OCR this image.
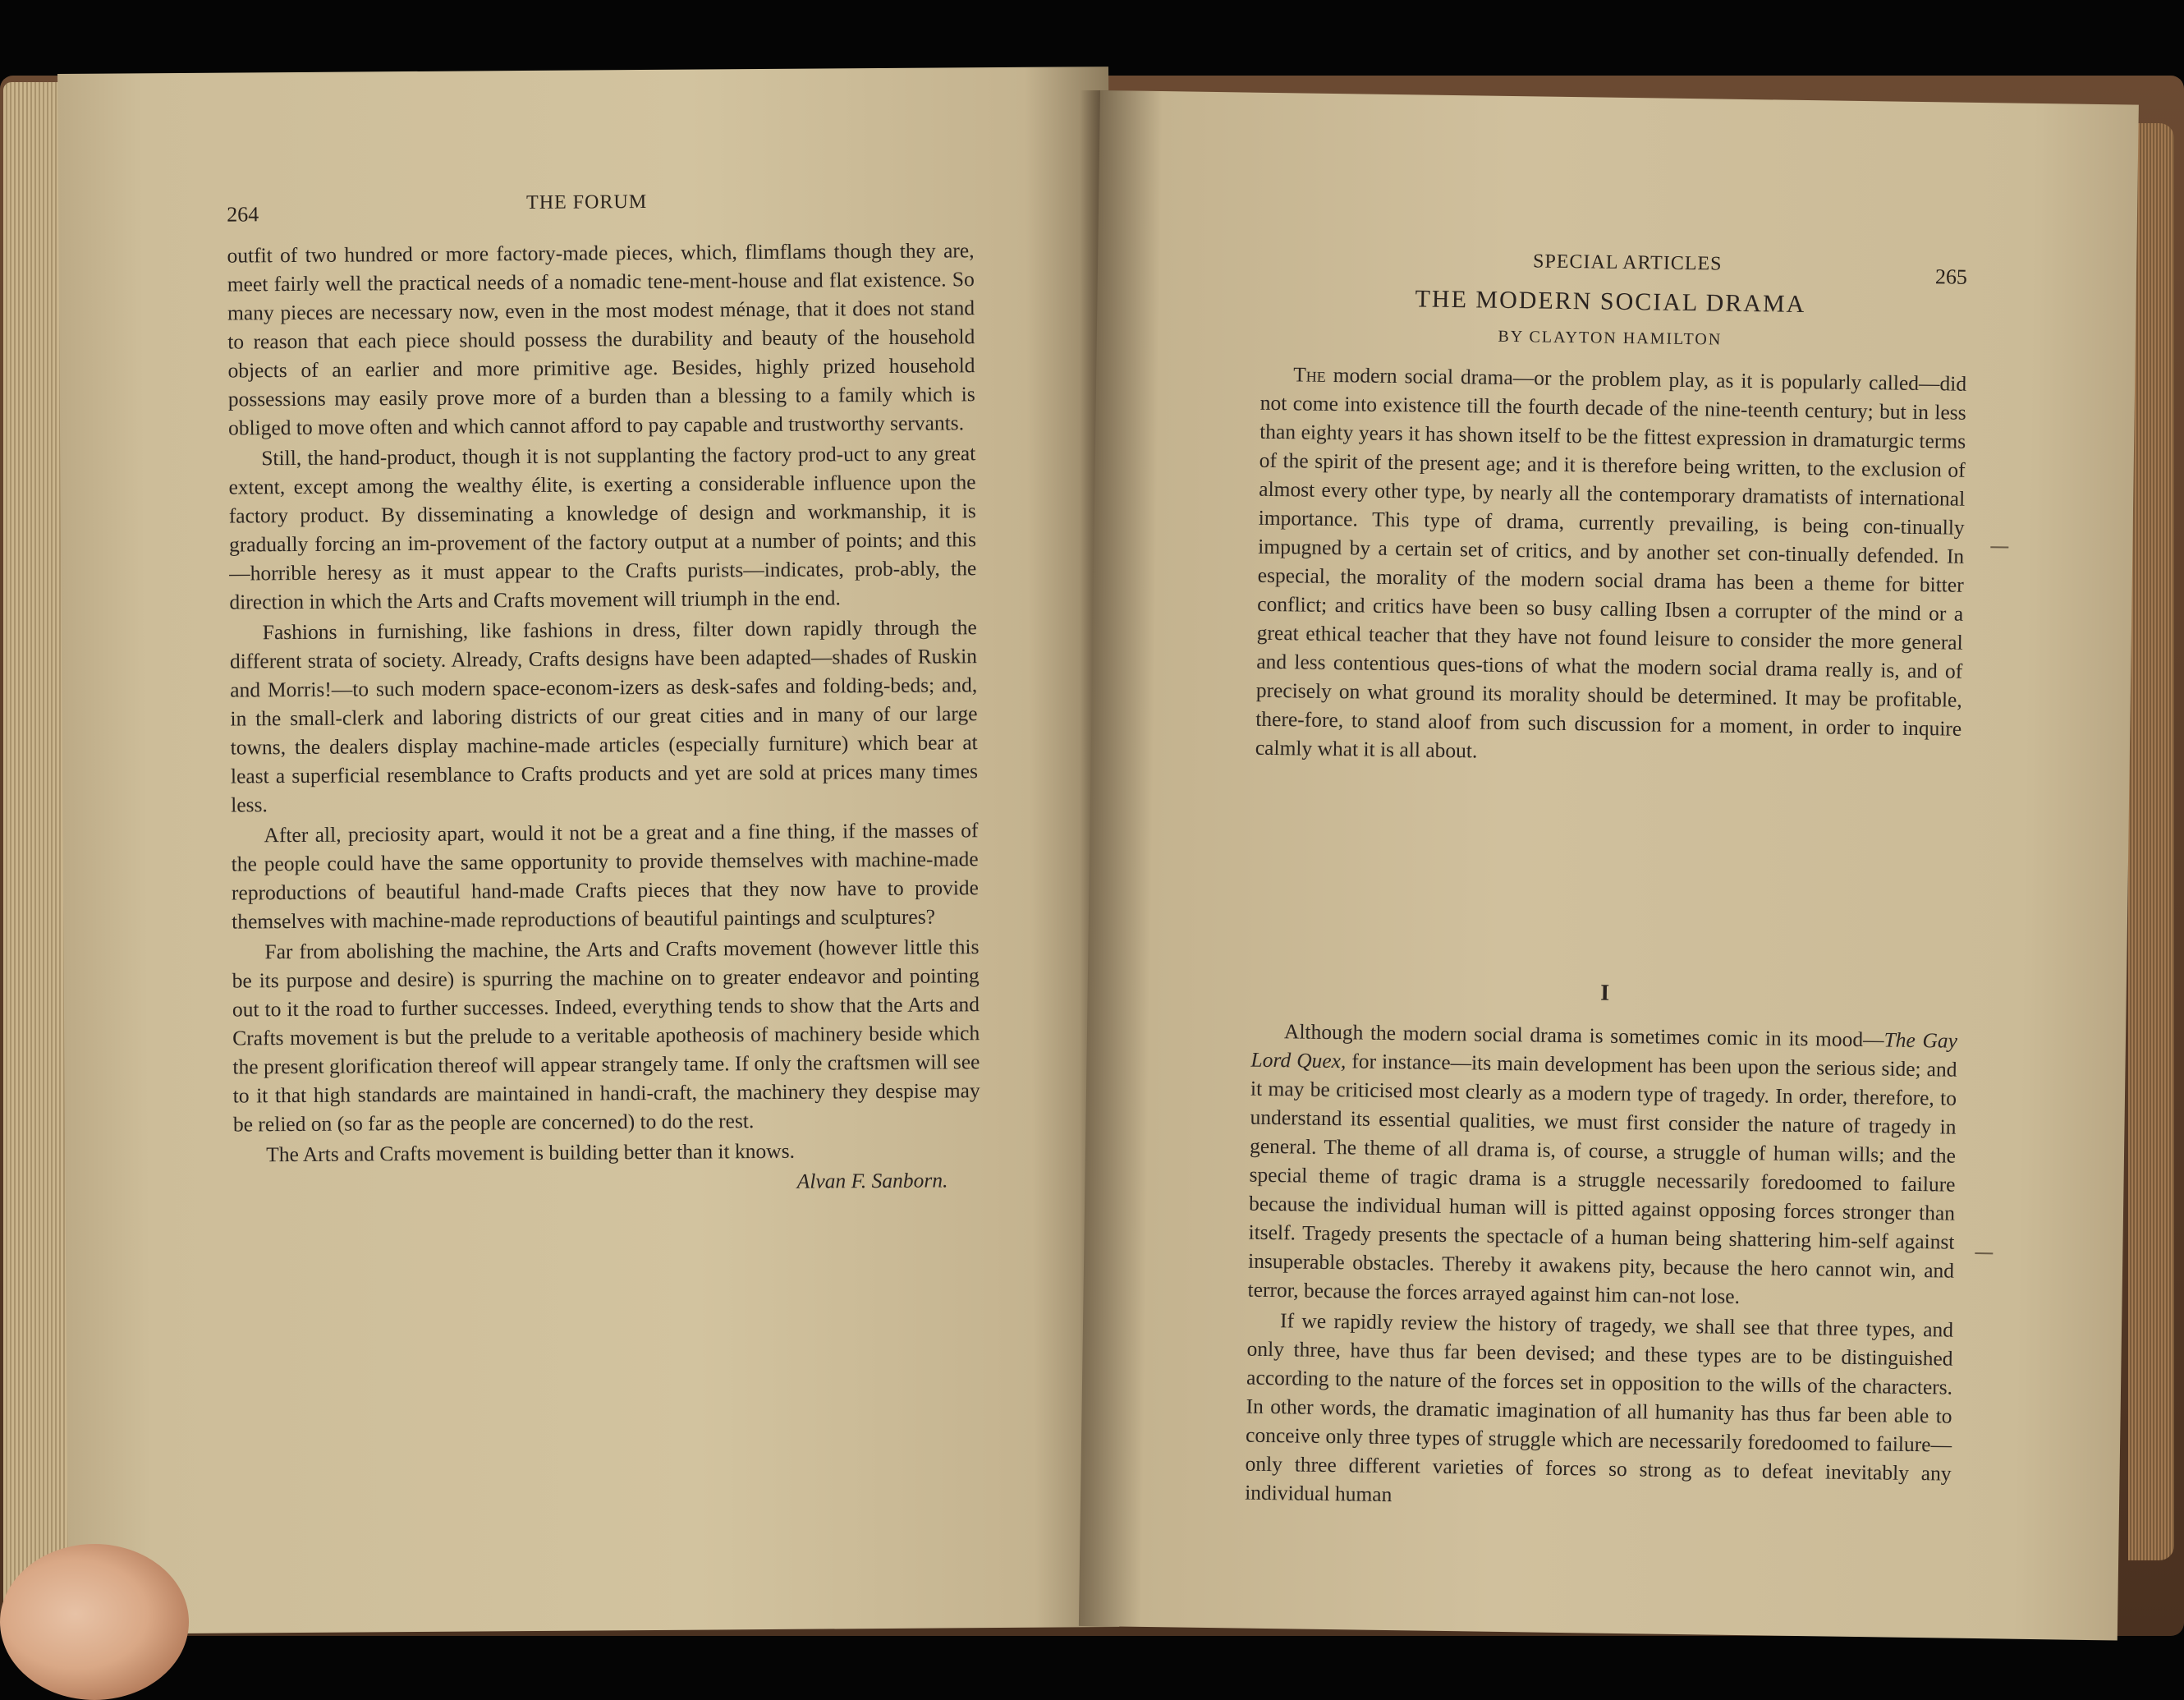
264	THE FORUM

outfit of two hundred or more factory-made pieces, which, flimflams though they are, meet fairly well the practical needs of a nomadic tene-ment-house and flat existence. So many pieces are necessary now, even in the most modest ménage, that it does not stand to reason that each piece should possess the durability and beauty of the household objects of an earlier and more primitive age. Besides, highly prized household possessions may easily prove more of a burden than a blessing to a family which is obliged to move often and which cannot afford to pay capable and trustworthy servants.

Still, the hand-product, though it is not supplanting the factory prod-uct to any great extent, except among the wealthy élite, is exerting a considerable influence upon the factory product. By disseminating a knowledge of design and workmanship, it is gradually forcing an im-provement of the factory output at a number of points; and this—horrible heresy as it must appear to the Crafts purists—indicates, prob-ably, the direction in which the Arts and Crafts movement will triumph in the end.

Fashions in furnishing, like fashions in dress, filter down rapidly through the different strata of society. Already, Crafts designs have been adapted—shades of Ruskin and Morris!—to such modern space-econom-izers as desk-safes and folding-beds; and, in the small-clerk and laboring districts of our great cities and in many of our large towns, the dealers display machine-made articles (especially furniture) which bear at least a superficial resemblance to Crafts products and yet are sold at prices many times less.

After all, preciosity apart, would it not be a great and a fine thing, if the masses of the people could have the same opportunity to provide themselves with machine-made reproductions of beautiful hand-made Crafts pieces that they now have to provide themselves with machine-made reproductions of beautiful paintings and sculptures?

Far from abolishing the machine, the Arts and Crafts movement (however little this be its purpose and desire) is spurring the machine on to greater endeavor and pointing out to it the road to further successes. Indeed, everything tends to show that the Arts and Crafts movement is but the prelude to a veritable apotheosis of machinery beside which the present glorification thereof will appear strangely tame. If only the craftsmen will see to it that high standards are maintained in handi-craft, the machinery they despise may be relied on (so far as the people are concerned) to do the rest.

The Arts and Crafts movement is building better than it knows.

Alvan F. Sanborn.

SPECIAL ARTICLES
265
THE MODERN SOCIAL DRAMA
BY CLAYTON HAMILTON

The modern social drama—or the problem play, as it is popularly called—did not come into existence till the fourth decade of the nine-teenth century; but in less than eighty years it has shown itself to be the fittest expression in dramaturgic terms of the spirit of the present age; and it is therefore being written, to the exclusion of almost every other type, by nearly all the contemporary dramatists of international importance. This type of drama, currently prevailing, is being con-tinually impugned by a certain set of critics, and by another set con-tinually defended. In especial, the morality of the modern social drama has been a theme for bitter conflict; and critics have been so busy calling Ibsen a corrupter of the mind or a great ethical teacher that they have not found leisure to consider the more general and less contentious ques-tions of what the modern social drama really is, and of precisely on what ground its morality should be determined. It may be profitable, there-fore, to stand aloof from such discussion for a moment, in order to inquire calmly what it is all about.

I

Although the modern social drama is sometimes comic in its mood—The Gay Lord Quex, for instance—its main development has been upon the serious side; and it may be criticised most clearly as a modern type of tragedy. In order, therefore, to understand its essential qualities, we must first consider the nature of tragedy in general. The theme of all drama is, of course, a struggle of human wills; and the special theme of tragic drama is a struggle necessarily foredoomed to failure because the individual human will is pitted against opposing forces stronger than itself. Tragedy presents the spectacle of a human being shattering him-self against insuperable obstacles. Thereby it awakens pity, because the hero cannot win, and terror, because the forces arrayed against him can-not lose.

If we rapidly review the history of tragedy, we shall see that three types, and only three, have thus far been devised; and these types are to be distinguished according to the nature of the forces set in opposition to the wills of the characters. In other words, the dramatic imagination of all humanity has thus far been able to conceive only three types of struggle which are necessarily foredoomed to failure—only three different varieties of forces so strong as to defeat inevitably any individual human
